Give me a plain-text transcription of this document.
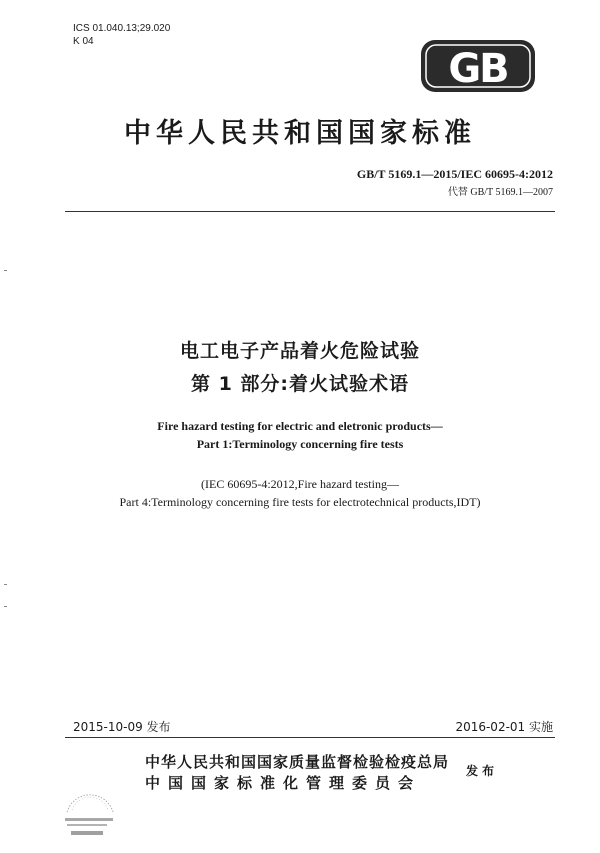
ICS 01.040.13;29.020
K 04
GB
中华人民共和国国家标准
GB/T 5169.1—2015/IEC 60695-4:2012
代替 GB/T 5169.1—2007
电工电子产品着火危险试验
第 1 部分:着火试验术语
Fire hazard testing for electric and eletronic products—
Part 1:Terminology concerning fire tests
(IEC 60695-4:2012,Fire hazard testing—
Part 4:Terminology concerning fire tests for electrotechnical products,IDT)
2015-10-09 发布	2016-02-01 实施
中华人民共和国国家质量监督检验检疫总局
中国国家标准化管理委员会
发布
